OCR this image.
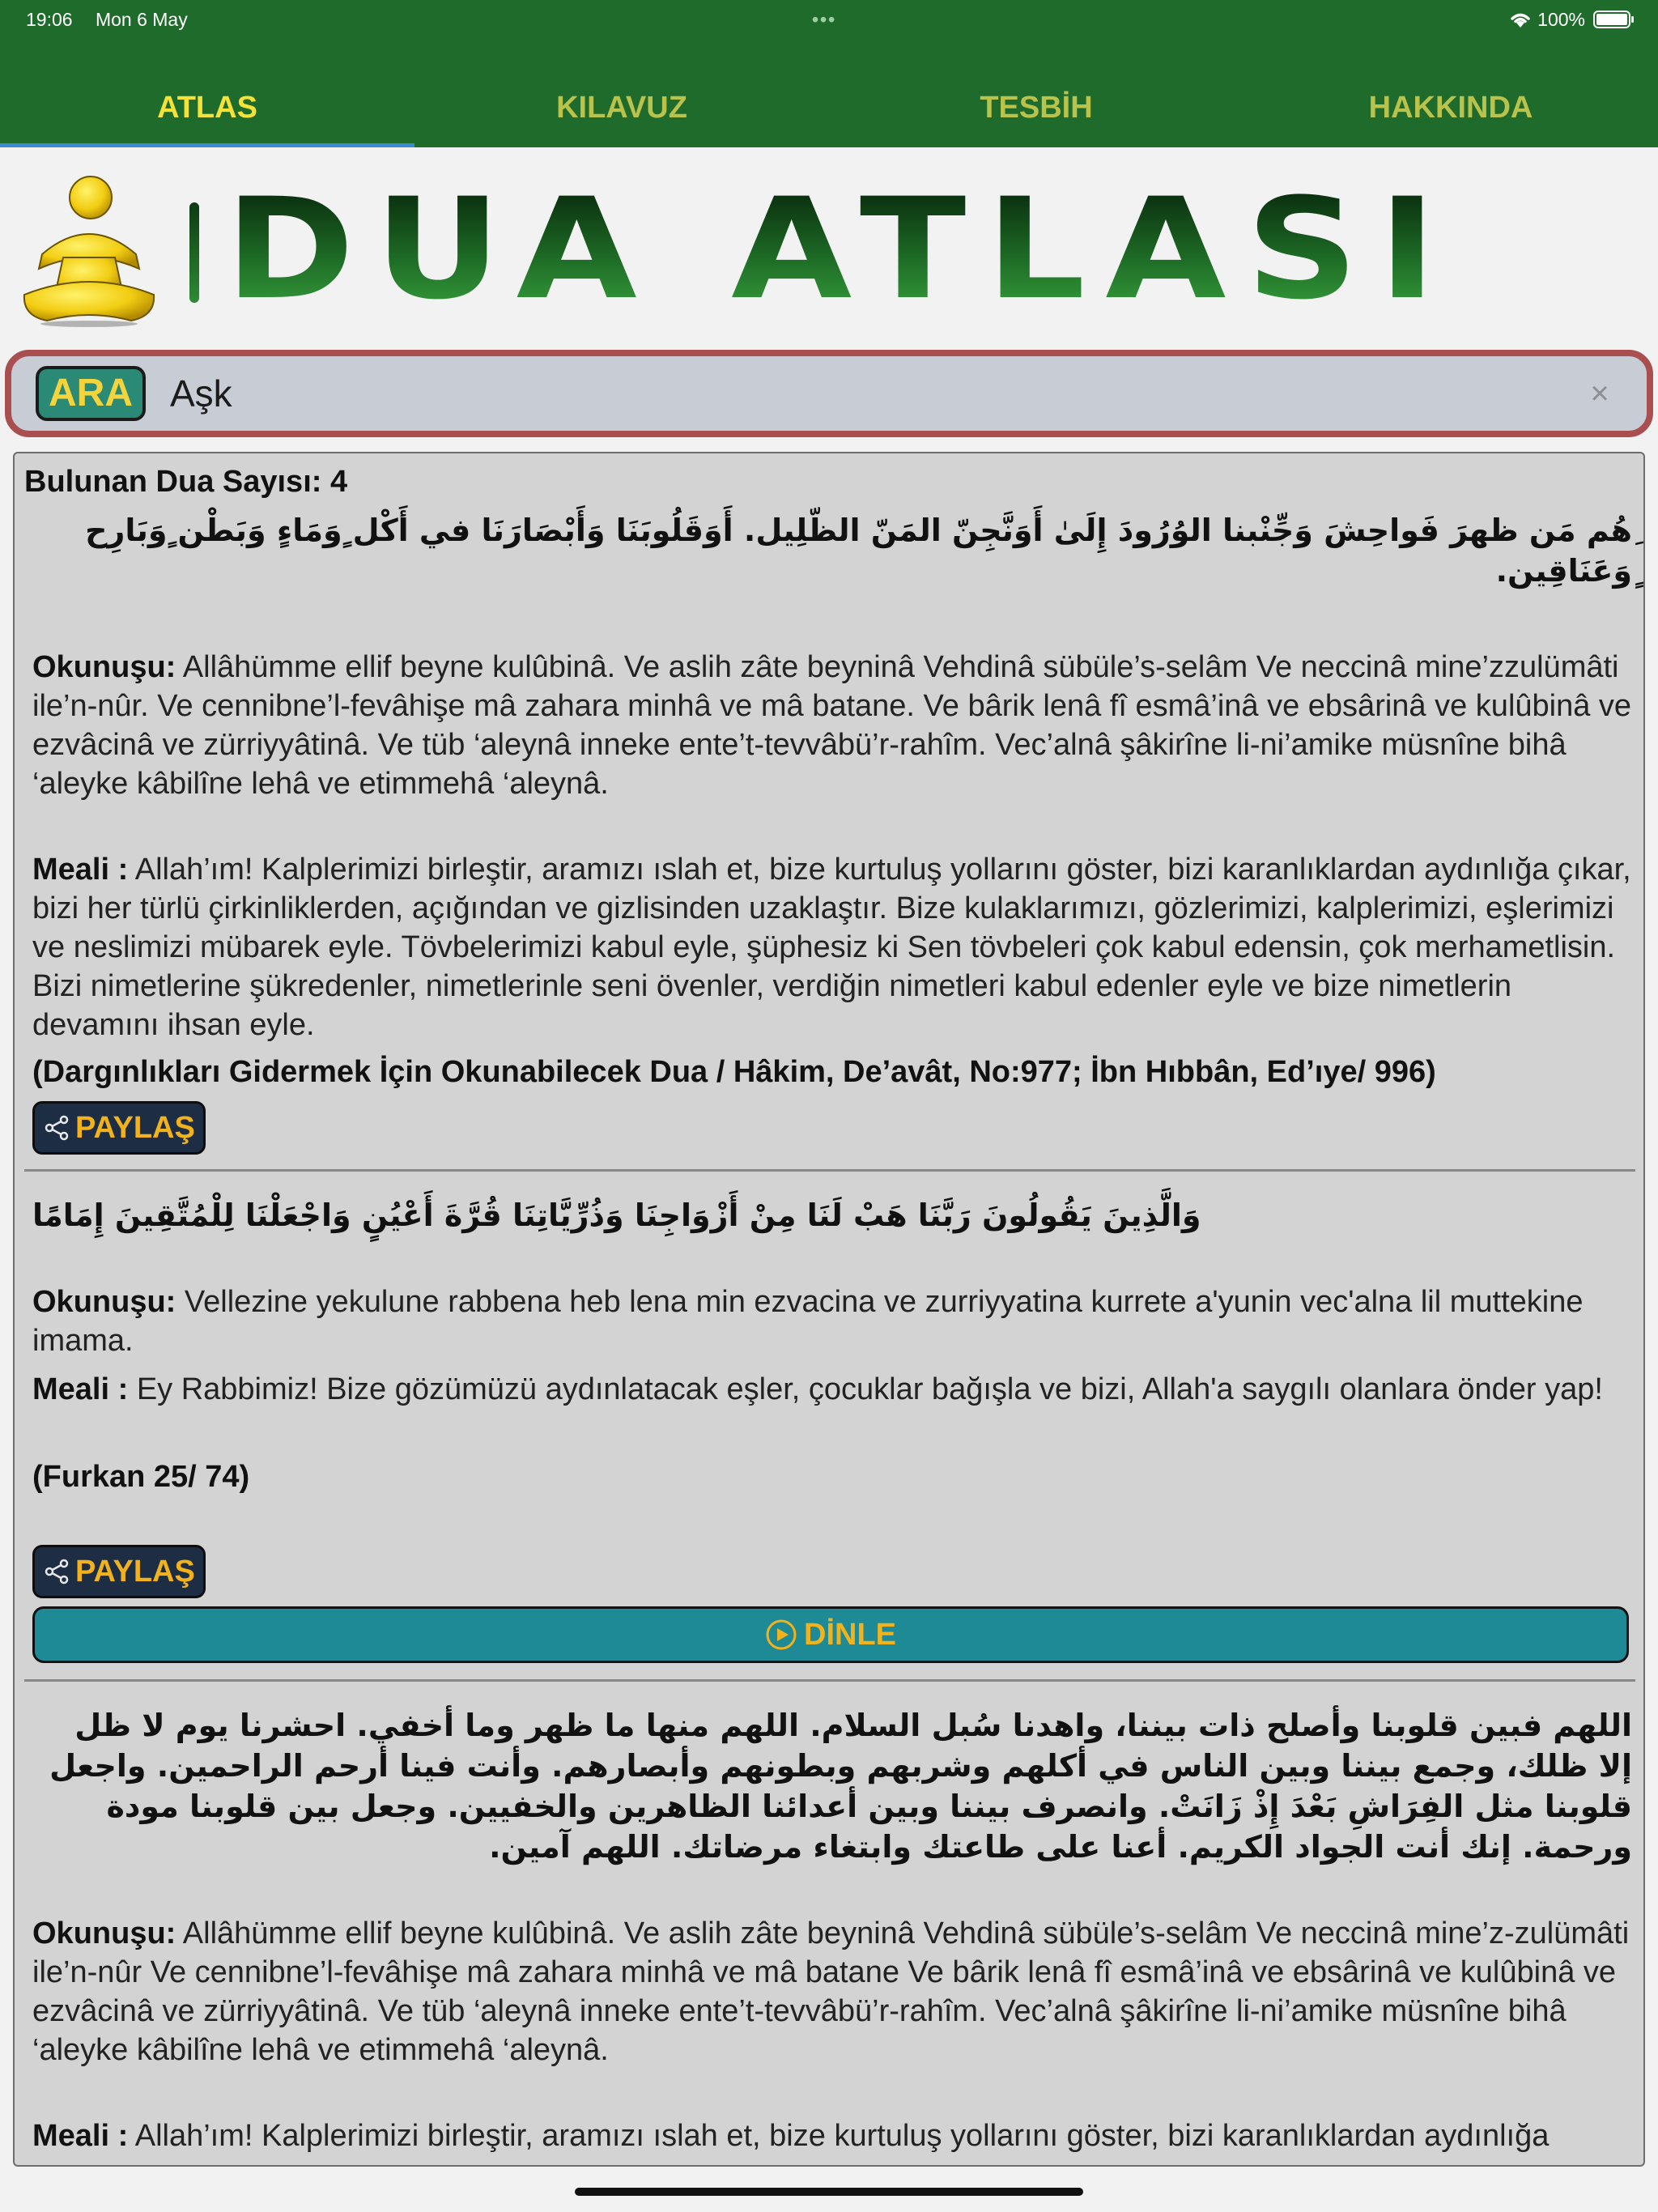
19:06 Mon 6 May	•••	100%
ATLAS	KILAVUZ	TESBİH	HAKKINDA
DUA ATLASI
ARA
Aşk	×
Bulunan Dua Sayısı: 4
ِهُم مَن ظهرَ فَواحِشَ وَجِّنْبنا الوُرُودَ إِلَىٰ أَوَنَّجِنّ المَنّ الظّلِيل. أَوَقَلُوبَنَا وَأَبْصَارَنَا في أَكْل ٍوَمَاءٍ وَبَطْن ٍوَبَارِح ٍوَعَنَاقِين.
Okunuşu: Allâhümme ellif beyne kulûbinâ. Ve aslih zâte beyninâ Vehdinâ sübüle’s-selâm Ve neccinâ mine’zzulümâti ile’n-nûr. Ve cennibne’l-fevâhişe mâ zahara minhâ ve mâ batane. Ve bârik lenâ fî esmâ’inâ ve ebsârinâ ve kulûbinâ ve ezvâcinâ ve zürriyyâtinâ. Ve tüb ‘aleynâ inneke ente’t-tevvâbü’r-rahîm. Vec’alnâ şâkirîne li-ni’amike müsnîne bihâ ‘aleyke kâbilîne lehâ ve etimmehâ ‘aleynâ.
Meali : Allah’ım! Kalplerimizi birleştir, aramızı ıslah et, bize kurtuluş yollarını göster, bizi karanlıklardan aydınlığa çıkar, bizi her türlü çirkinliklerden, açığından ve gizlisinden uzaklaştır. Bize kulaklarımızı, gözlerimizi, kalplerimizi, eşlerimizi ve neslimizi mübarek eyle. Tövbelerimizi kabul eyle, şüphesiz ki Sen tövbeleri çok kabul edensin, çok merhametlisin. Bizi nimetlerine şükredenler, nimetlerinle seni övenler, verdiğin nimetleri kabul edenler eyle ve bize nimetlerin devamını ihsan eyle.
(Dargınlıkları Gidermek İçin Okunabilecek Dua / Hâkim, De’avât, No:977; İbn Hıbbân, Ed’ıye/ 996)
PAYLAŞ
وَالَّذِينَ يَقُولُونَ رَبَّنَا هَبْ لَنَا مِنْ أَزْوَاجِنَا وَذُرِّيَّاتِنَا قُرَّةَ أَعْيُنٍ وَاجْعَلْنَا لِلْمُتَّقِينَ إِمَامًا
Okunuşu: Vellezine yekulune rabbena heb lena min ezvacina ve zurriyyatina kurrete a'yunin vec'alna lil muttekine imama.
Meali : Ey Rabbimiz! Bize gözümüzü aydınlatacak eşler, çocuklar bağışla ve bizi, Allah'a saygılı olanlara önder yap!
(Furkan 25/ 74)
PAYLAŞ
DİNLE
اللهم فبين قلوبنا وأصلح ذات بيننا، واهدنا سُبل السلام. اللهم منها ما ظهر وما أخفي. احشرنا يوم لا ظل إلا ظلك، وجمع بيننا وبين الناس في أكلهم وشربهم وبطونهم وأبصارهم. وأنت فينا أرحم الراحمين. واجعل قلوبنا مثل الفِرَاشِ بَعْدَ إِذْ زَانَتْ. وانصرف بيننا وبين أعدائنا الظاهرين والخفيين. وجعل بين قلوبنا مودة ورحمة. إنك أنت الجواد الكريم. أعنا على طاعتك وابتغاء مرضاتك. اللهم آمين.
Okunuşu: Allâhümme ellif beyne kulûbinâ. Ve aslih zâte beyninâ Vehdinâ sübüle’s-selâm Ve neccinâ mine’z-zulümâti ile’n-nûr Ve cennibne’l-fevâhişe mâ zahara minhâ ve mâ batane Ve bârik lenâ fî esmâ’inâ ve ebsârinâ ve kulûbinâ ve ezvâcinâ ve zürriyyâtinâ. Ve tüb ‘aleynâ inneke ente’t-tevvâbü’r-rahîm. Vec’alnâ şâkirîne li-ni’amike müsnîne bihâ ‘aleyke kâbilîne lehâ ve etimmehâ ‘aleynâ.
Meali : Allah’ım! Kalplerimizi birleştir, aramızı ıslah et, bize kurtuluş yollarını göster, bizi karanlıklardan aydınlığa
